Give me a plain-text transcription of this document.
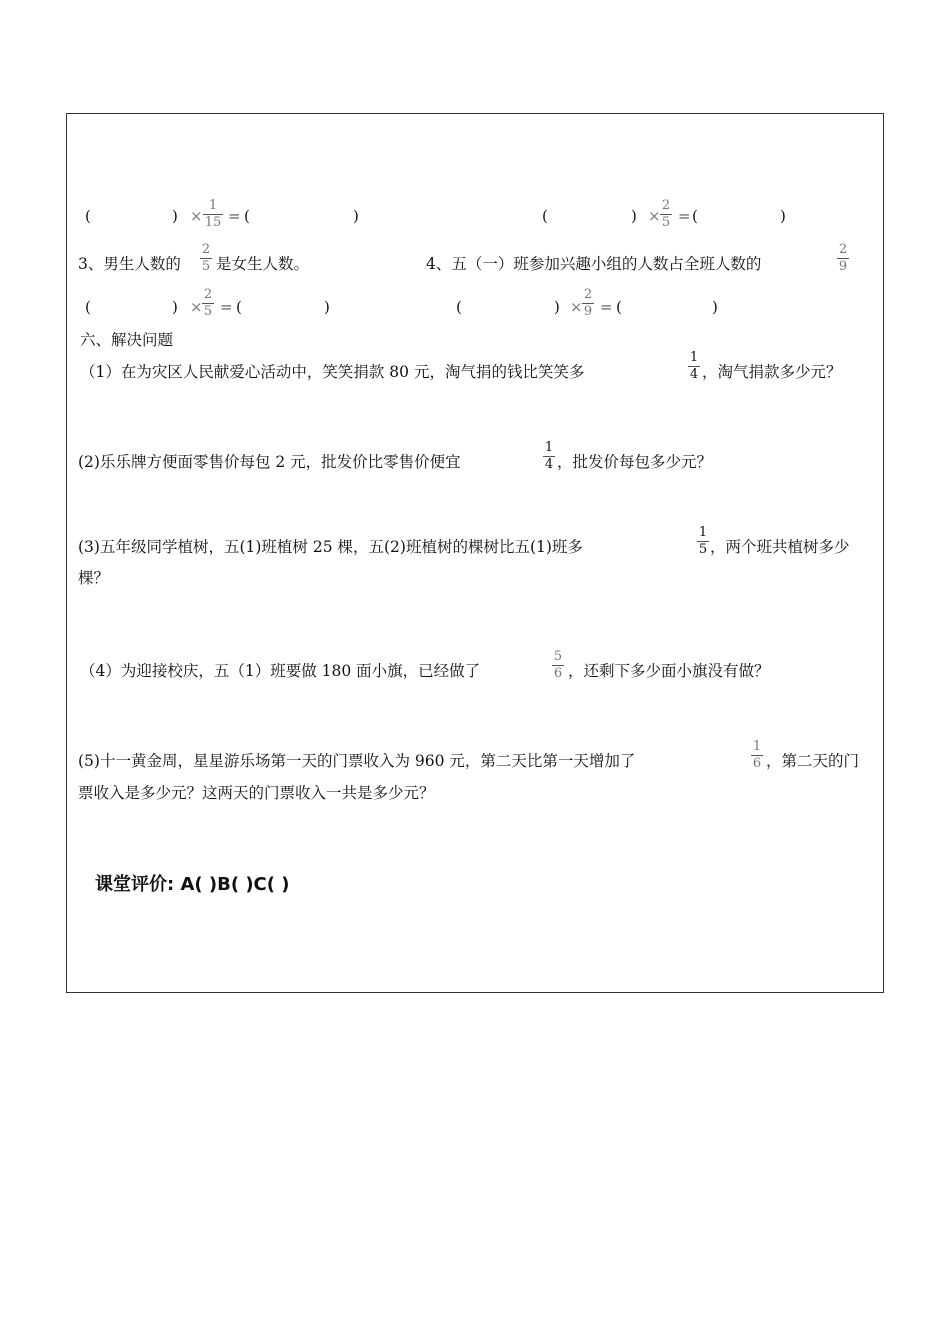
(	) ×
1
15 = (	)	(	) ×
2
5 = (	)
3、男生人数的
2
5 是女生人数。	4、五（一）班参加兴趣小组的人数占全班人数的
2
9
(	) ×
2
5 = (	)	(	) ×
2
9 = (	)
六、解决问题
（1）在为灾区人民献爱心活动中，笑笑捐款 80 元，淘气捐的钱比笑笑多
1
4 ，淘气捐款多少元？
(2)乐乐牌方便面零售价每包 2 元，批发价比零售价便宜
1
4 ，批发价每包多少元？
(3)五年级同学植树，五(1)班植树 25 棵，五(2)班植树的棵树比五(1)班多
1
5 ，两个班共植树多少
棵？
（4）为迎接校庆，五（1）班要做 180 面小旗，已经做了
5
6 ，还剩下多少面小旗没有做？
(5)十一黄金周，星星游乐场第一天的门票收入为 960 元，第二天比第一天增加了
1
6 ，第二天的门
票收入是多少元？这两天的门票收入一共是多少元？
课堂评价: A( )B( )C( )
